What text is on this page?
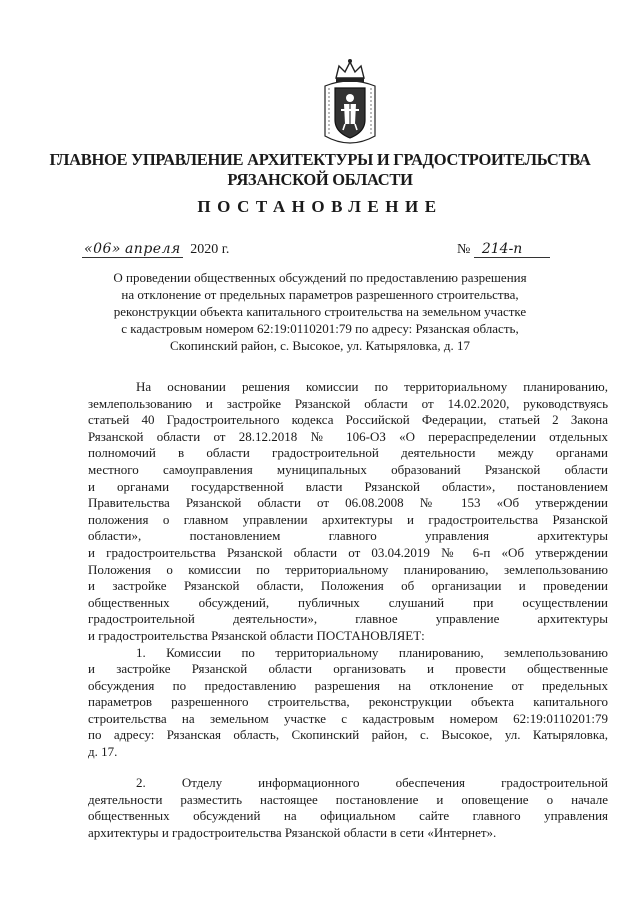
ГЛАВНОЕ УПРАВЛЕНИЕ АРХИТЕКТУРЫ И ГРАДОСТРОИТЕЛЬСТВА
РЯЗАНСКОЙ ОБЛАСТИ
ПОСТАНОВЛЕНИЕ
«06» апреля 2020 г.	№ 214-п
О проведении общественных обсуждений по предоставлению разрешения
на отклонение от предельных параметров разрешенного строительства,
реконструкции объекта капитального строительства на земельном участке
с кадастровым номером 62:19:0110201:79 по адресу: Рязанская область,
Скопинский район, с. Высокое, ул. Катыряловка, д. 17
На основании решения комиссии по территориальному планированию,
землепользованию и застройке Рязанской области от 14.02.2020, руководствуясь
статьей 40 Градостроительного кодекса Российской Федерации, статьей 2 Закона
Рязанской области от 28.12.2018 № 106-ОЗ «О перераспределении отдельных
полномочий в области градостроительной деятельности между органами
местного самоуправления муниципальных образований Рязанской области
и органами государственной власти Рязанской области», постановлением
Правительства Рязанской области от 06.08.2008 № 153 «Об утверждении
положения о главном управлении архитектуры и градостроительства Рязанской
области», постановлением главного управления архитектуры
и градостроительства Рязанской области от 03.04.2019 № 6-п «Об утверждении
Положения о комиссии по территориальному планированию, землепользованию
и застройке Рязанской области, Положения об организации и проведении
общественных обсуждений, публичных слушаний при осуществлении
градостроительной деятельности», главное управление архитектуры
и градостроительства Рязанской области ПОСТАНОВЛЯЕТ:
1. Комиссии по территориальному планированию, землепользованию
и застройке Рязанской области организовать и провести общественные
обсуждения по предоставлению разрешения на отклонение от предельных
параметров разрешенного строительства, реконструкции объекта капитального
строительства на земельном участке с кадастровым номером 62:19:0110201:79
по адресу: Рязанская область, Скопинский район, с. Высокое, ул. Катыряловка,
д. 17.
2. Отделу информационного обеспечения градостроительной
деятельности разместить настоящее постановление и оповещение о начале
общественных обсуждений на официальном сайте главного управления
архитектуры и градостроительства Рязанской области в сети «Интернет».
